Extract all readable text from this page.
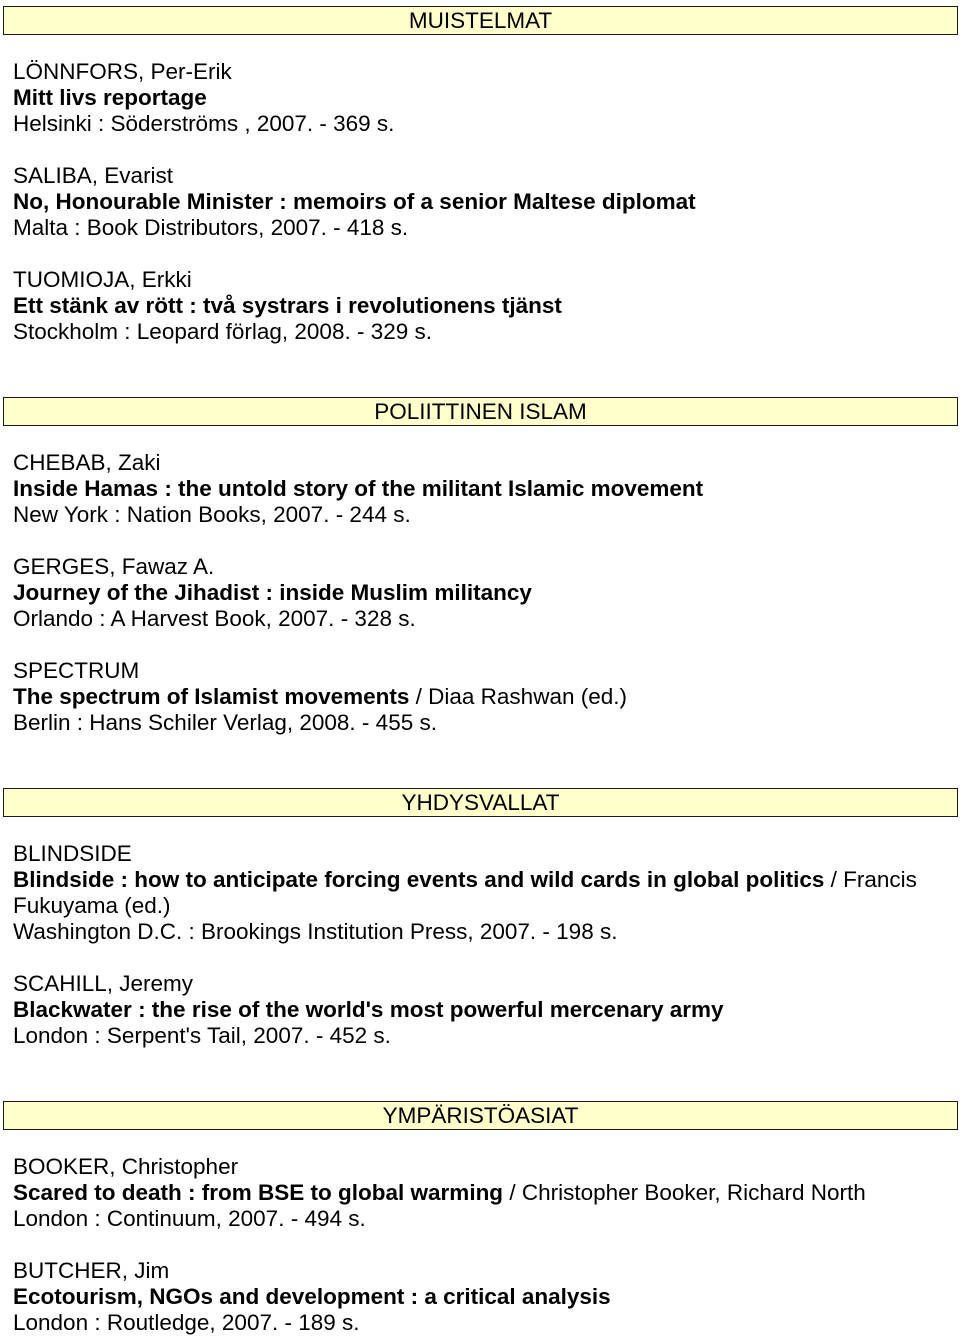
MUISTELMAT
LÖNNFORS, Per-Erik
Mitt livs reportage
Helsinki : Söderströms , 2007. - 369 s.
SALIBA, Evarist
No, Honourable Minister : memoirs of a senior Maltese diplomat
Malta : Book Distributors, 2007. - 418 s.
TUOMIOJA, Erkki
Ett stänk av rött : två systrars i revolutionens tjänst
Stockholm : Leopard förlag, 2008. - 329 s.
POLIITTINEN ISLAM
CHEBAB, Zaki
Inside Hamas : the untold story of the militant Islamic movement
New York : Nation Books, 2007. - 244 s.
GERGES, Fawaz A.
Journey of the Jihadist : inside Muslim militancy
Orlando : A Harvest Book, 2007. - 328 s.
SPECTRUM
The spectrum of Islamist movements / Diaa Rashwan (ed.)
Berlin : Hans Schiler Verlag, 2008. - 455 s.
YHDYSVALLAT
BLINDSIDE
Blindside : how to anticipate forcing events and wild cards in global politics / Francis Fukuyama (ed.)
Washington D.C. : Brookings Institution Press, 2007. - 198 s.
SCAHILL, Jeremy
Blackwater : the rise of the world's most powerful mercenary army
London : Serpent's Tail, 2007. - 452 s.
YMPÄRISTÖASIAT
BOOKER, Christopher
Scared to death : from BSE to global warming / Christopher Booker, Richard North
London : Continuum, 2007. - 494 s.
BUTCHER, Jim
Ecotourism, NGOs and development : a critical analysis
London : Routledge, 2007. - 189 s.
